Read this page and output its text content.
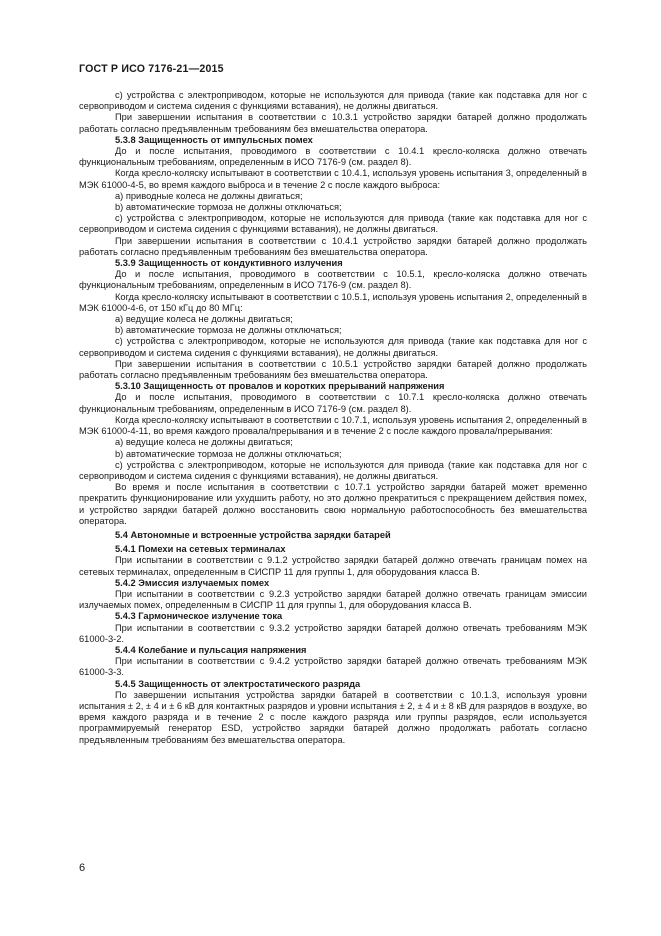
ГОСТ Р ИСО 7176-21—2015

c) устройства с электроприводом, которые не используются для привода (такие как подставка для ног с сервоприводом и система сидения с функциями вставания), не должны двигаться.

При завершении испытания в соответствии с 10.3.1 устройство зарядки батарей должно продолжать работать согласно предъявленным требованиям без вмешательства оператора.

5.3.8 Защищенность от импульсных помех

До и после испытания, проводимого в соответствии с 10.4.1 кресло-коляска должно отвечать функциональным требованиям, определенным в ИСО 7176-9 (см. раздел 8).

Когда кресло-коляску испытывают в соответствии с 10.4.1, используя уровень испытания 3, определенный в МЭК 61000-4-5, во время каждого выброса и в течение 2 с после каждого выброса:

a) приводные колеса не должны двигаться;

b) автоматические тормоза не должны отключаться;

c) устройства с электроприводом, которые не используются для привода (такие как подставка для ног с сервоприводом и система сидения с функциями вставания), не должны двигаться.

При завершении испытания в соответствии с 10.4.1 устройство зарядки батарей должно продолжать работать согласно предъявленным требованиям без вмешательства оператора.

5.3.9 Защищенность от кондуктивного излучения

До и после испытания, проводимого в соответствии с 10.5.1, кресло-коляска должно отвечать функциональным требованиям, определенным в ИСО 7176-9 (см. раздел 8).

Когда кресло-коляску испытывают в соответствии с 10.5.1, используя уровень испытания 2, определенный в МЭК 61000-4-6, от 150 кГц до 80 МГц:

a) ведущие колеса не должны двигаться;

b) автоматические тормоза не должны отключаться;

c) устройства с электроприводом, которые не используются для привода (такие как подставка для ног с сервоприводом и система сидения с функциями вставания), не должны двигаться.

При завершении испытания в соответствии с 10.5.1 устройство зарядки батарей должно продолжать работать согласно предъявленным требованиям без вмешательства оператора.

5.3.10 Защищенность от провалов и коротких прерываний напряжения

До и после испытания, проводимого в соответствии с 10.7.1 кресло-коляска должно отвечать функциональным требованиям, определенным в ИСО 7176-9 (см. раздел 8).

Когда кресло-коляску испытывают в соответствии с 10.7.1, используя уровень испытания 2, определенный в МЭК 61000-4-11, во время каждого провала/прерывания и в течение 2 с после каждого провала/прерывания:

a) ведущие колеса не должны двигаться;

b) автоматические тормоза не должны отключаться;

c) устройства с электроприводом, которые не используются для привода (такие как подставка для ног с сервоприводом и система сидения с функциями вставания), не должны двигаться.

Во время и после испытания в соответствии с 10.7.1 устройство зарядки батарей может временно прекратить функционирование или ухудшить работу, но это должно прекратиться с прекращением действия помех, и устройство зарядки батарей должно восстановить свою нормальную работоспособность без вмешательства оператора.

5.4 Автономные и встроенные устройства зарядки батарей

5.4.1 Помехи на сетевых терминалах

При испытании в соответствии с 9.1.2 устройство зарядки батарей должно отвечать границам помех на сетевых терминалах, определенным в СИСПР 11 для группы 1, для оборудования класса В.

5.4.2 Эмиссия излучаемых помех

При испытании в соответствии с 9.2.3 устройство зарядки батарей должно отвечать границам эмиссии излучаемых помех, определенным в СИСПР 11 для группы 1, для оборудования класса В.

5.4.3 Гармоническое излучение тока

При испытании в соответствии с 9.3.2 устройство зарядки батарей должно отвечать требованиям МЭК 61000-3-2.

5.4.4 Колебание и пульсация напряжения

При испытании в соответствии с 9.4.2 устройство зарядки батарей должно отвечать требованиям МЭК 61000-3-3.

5.4.5 Защищенность от электростатического разряда

По завершении испытания устройства зарядки батарей в соответствии с 10.1.3, используя уровни испытания ± 2, ± 4 и ± 6 кВ для контактных разрядов и уровни испытания ± 2, ± 4 и ± 8 кВ для разрядов в воздухе, во время каждого разряда и в течение 2 с после каждого разряда или группы разрядов, если используется программируемый генератор ESD, устройство зарядки батарей должно продолжать работать согласно предъявленным требованиям без вмешательства оператора.

6
